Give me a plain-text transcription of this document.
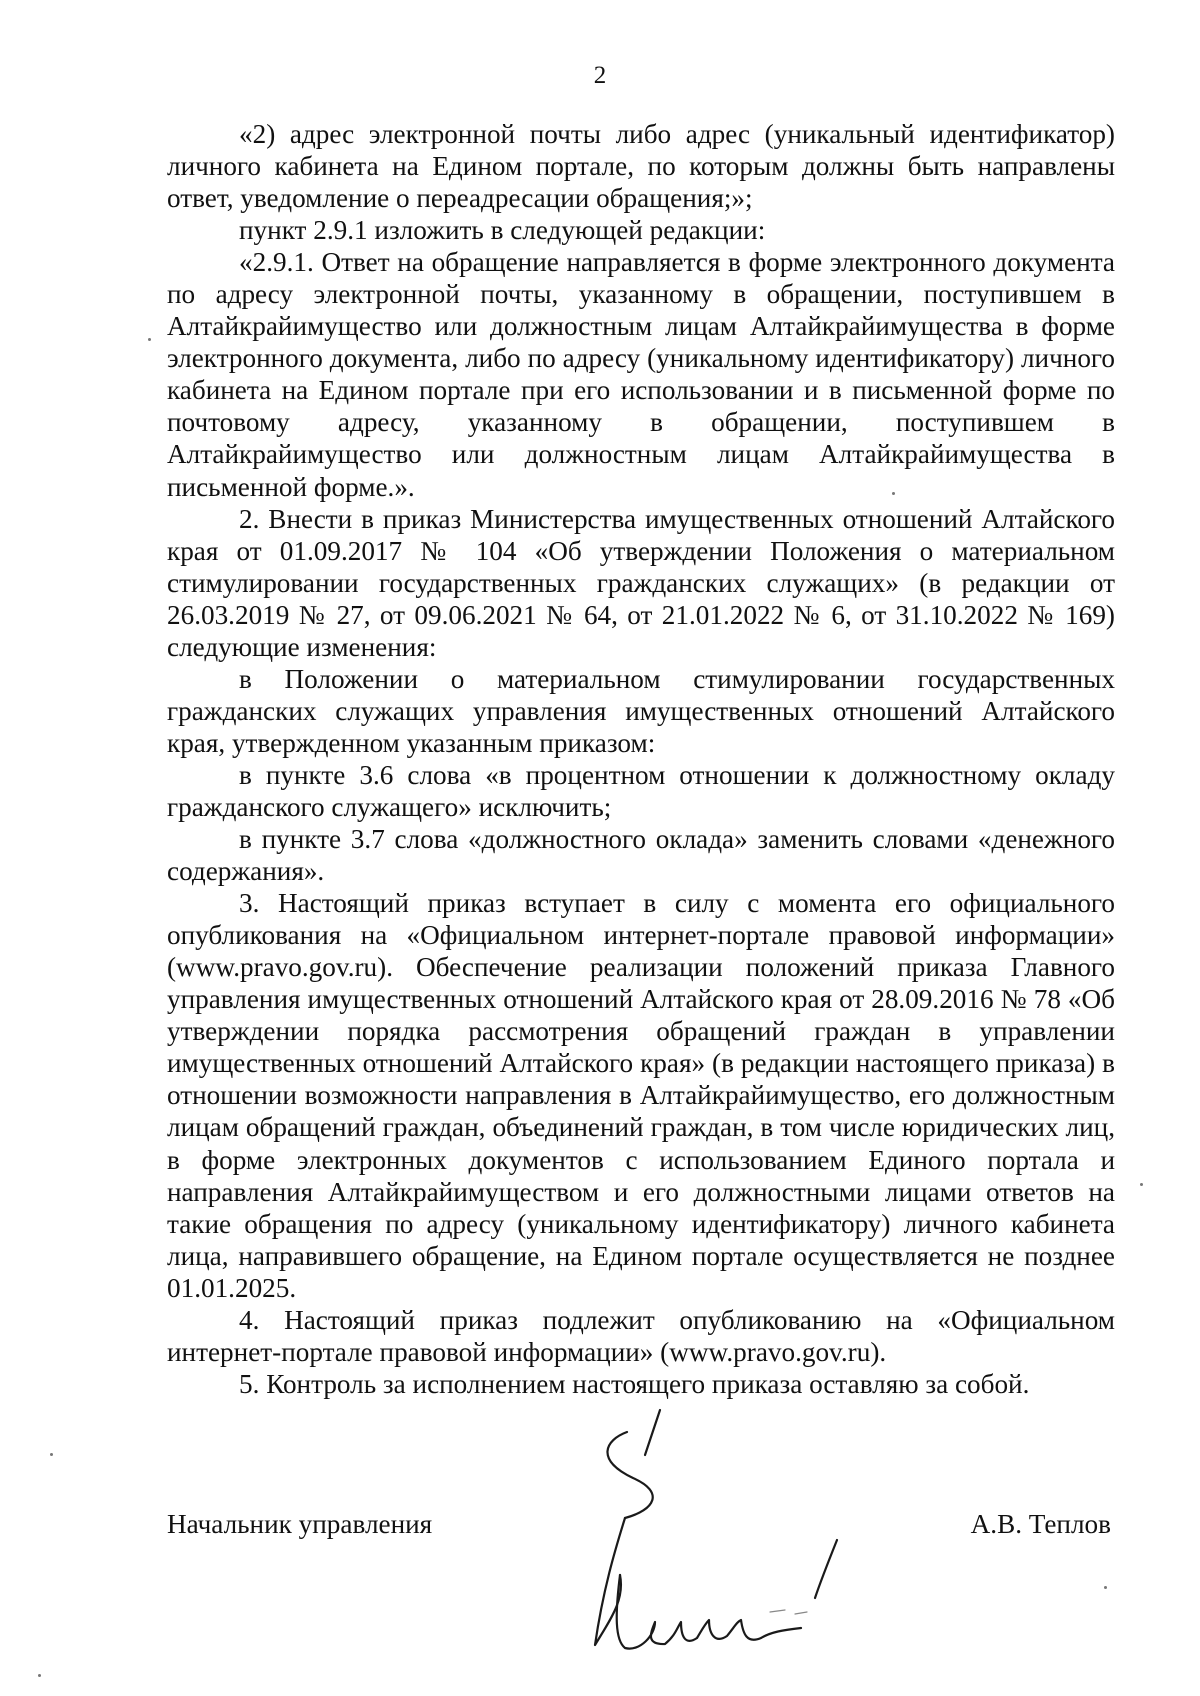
2

«2) адрес электронной почты либо адрес (уникальный идентификатор) личного кабинета на Едином портале, по которым должны быть направлены ответ, уведомление о переадресации обращения;»;

пункт 2.9.1 изложить в следующей редакции:

«2.9.1. Ответ на обращение направляется в форме электронного документа по адресу электронной почты, указанному в обращении, поступившем в Алтайкрайимущество или должностным лицам Алтайкрайимущества в форме электронного документа, либо по адресу (уникальному идентификатору) личного кабинета на Едином портале при его использовании и в письменной форме по почтовому адресу, указанному в обращении, поступившем в Алтайкрайимущество или должностным лицам Алтайкрайимущества в письменной форме.».

2. Внести в приказ Министерства имущественных отношений Алтайского края от 01.09.2017 № 104 «Об утверждении Положения о материальном стимулировании государственных гражданских служащих» (в редакции от 26.03.2019 № 27, от 09.06.2021 № 64, от 21.01.2022 № 6, от 31.10.2022 № 169) следующие изменения:

в Положении о материальном стимулировании государственных гражданских служащих управления имущественных отношений Алтайского края, утвержденном указанным приказом:

в пункте 3.6 слова «в процентном отношении к должностному окладу гражданского служащего» исключить;

в пункте 3.7 слова «должностного оклада» заменить словами «денежного содержания».

3. Настоящий приказ вступает в силу с момента его официального опубликования на «Официальном интернет-портале правовой информации» (www.pravo.gov.ru). Обеспечение реализации положений приказа Главного управления имущественных отношений Алтайского края от 28.09.2016 № 78 «Об утверждении порядка рассмотрения обращений граждан в управлении имущественных отношений Алтайского края» (в редакции настоящего приказа) в отношении возможности направления в Алтайкрайимущество, его должностным лицам обращений граждан, объединений граждан, в том числе юридических лиц, в форме электронных документов с использованием Единого портала и направления Алтайкрайимуществом и его должностными лицами ответов на такие обращения по адресу (уникальному идентификатору) личного кабинета лица, направившего обращение, на Едином портале осуществляется не позднее 01.01.2025.

4. Настоящий приказ подлежит опубликованию на «Официальном интернет-портале правовой информации» (www.pravo.gov.ru).

5. Контроль за исполнением настоящего приказа оставляю за собой.

Начальник управления	А.В. Теплов
